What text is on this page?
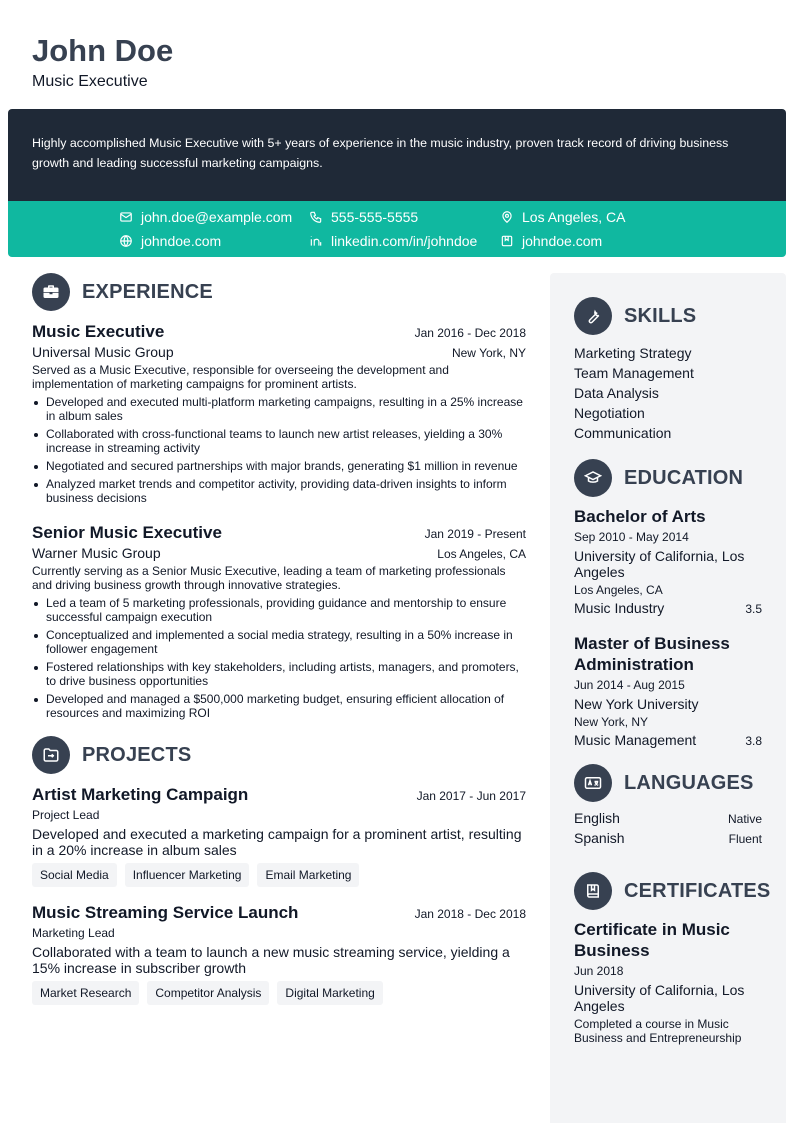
John Doe
Music Executive

Highly accomplished Music Executive with 5+ years of experience in the music industry, proven track record of driving business growth and leading successful marketing campaigns.

john.doe@example.com	555-555-5555	Los Angeles, CA
johndoe.com	linkedin.com/in/johndoe	johndoe.com
EXPERIENCE
Music Executive	Jan 2016 - Dec 2018
Universal Music Group	New York, NY
Served as a Music Executive, responsible for overseeing the development and implementation of marketing campaigns for prominent artists.
Developed and executed multi-platform marketing campaigns, resulting in a 25% increase in album sales
Collaborated with cross-functional teams to launch new artist releases, yielding a 30% increase in streaming activity
Negotiated and secured partnerships with major brands, generating $1 million in revenue
Analyzed market trends and competitor activity, providing data-driven insights to inform business decisions
Senior Music Executive	Jan 2019 - Present
Warner Music Group	Los Angeles, CA
Currently serving as a Senior Music Executive, leading a team of marketing professionals and driving business growth through innovative strategies.
Led a team of 5 marketing professionals, providing guidance and mentorship to ensure successful campaign execution
Conceptualized and implemented a social media strategy, resulting in a 50% increase in follower engagement
Fostered relationships with key stakeholders, including artists, managers, and promoters, to drive business opportunities
Developed and managed a $500,000 marketing budget, ensuring efficient allocation of resources and maximizing ROI
PROJECTS
Artist Marketing Campaign	Jan 2017 - Jun 2017
Project Lead
Developed and executed a marketing campaign for a prominent artist, resulting in a 20% increase in album sales
Social Media	Influencer Marketing	Email Marketing
Music Streaming Service Launch	Jan 2018 - Dec 2018
Marketing Lead
Collaborated with a team to launch a new music streaming service, yielding a 15% increase in subscriber growth
Market Research	Competitor Analysis	Digital Marketing
SKILLS
Marketing Strategy
Team Management
Data Analysis
Negotiation
Communication
EDUCATION
Bachelor of Arts
Sep 2010 - May 2014
University of California, Los Angeles
Los Angeles, CA
Music Industry	3.5
Master of Business Administration
Jun 2014 - Aug 2015
New York University
New York, NY
Music Management	3.8
LANGUAGES
English	Native
Spanish	Fluent
CERTIFICATES
Certificate in Music Business
Jun 2018
University of California, Los Angeles
Completed a course in Music Business and Entrepreneurship
